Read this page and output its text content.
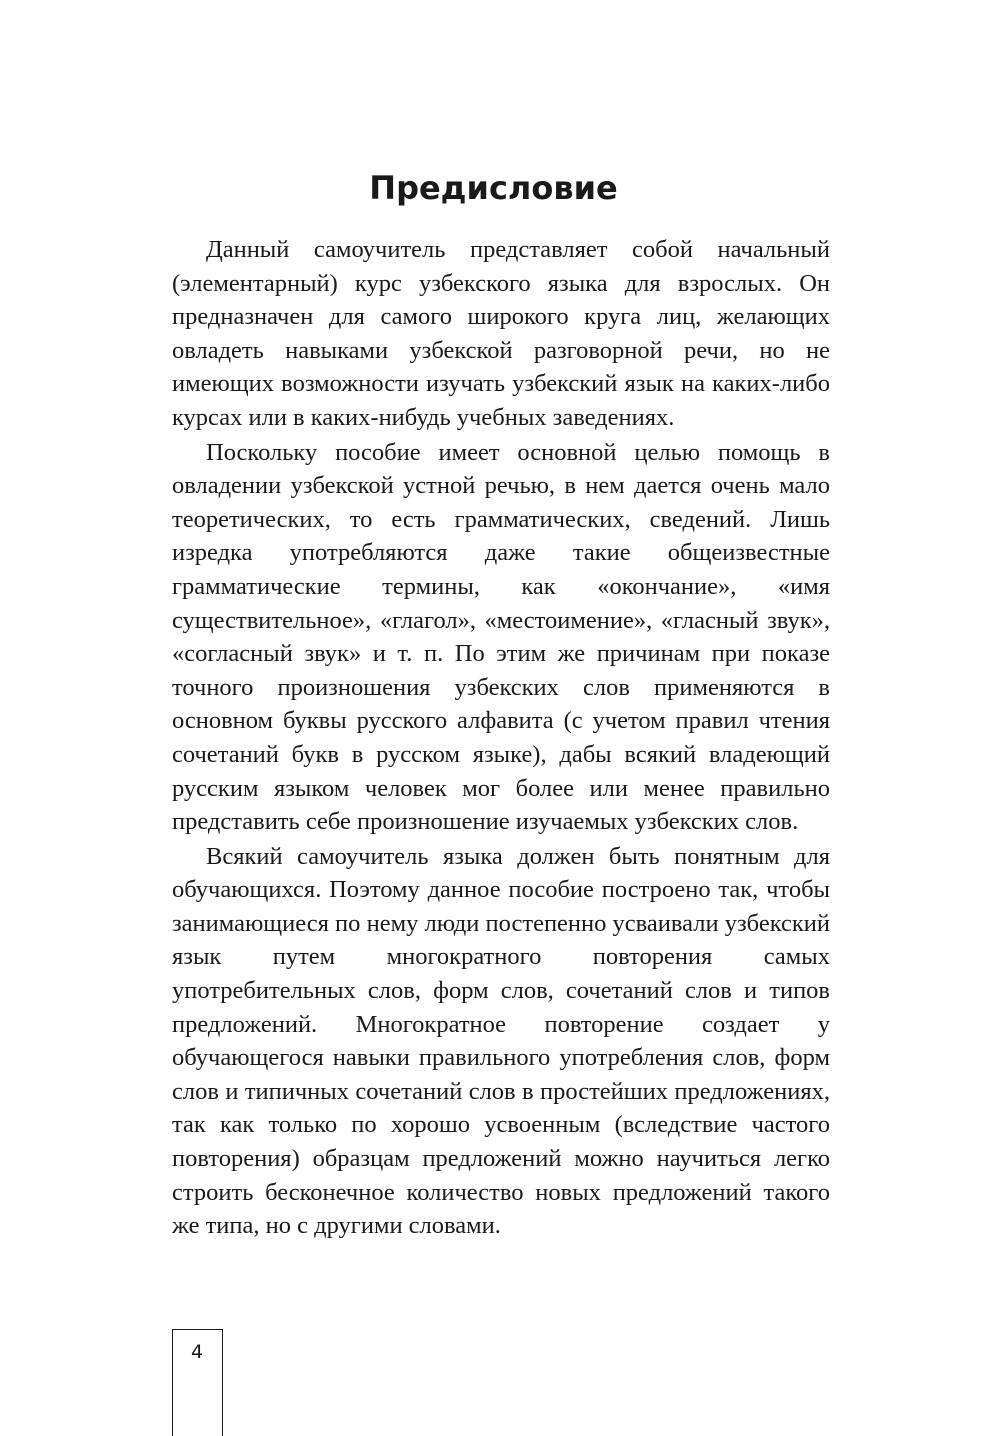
Предисловие

Данный самоучитель представляет собой начальный (элементарный) курс узбекского языка для взрослых. Он предназначен для самого широкого круга лиц, желающих овладеть навыками узбекской разговорной речи, но не имеющих возможности изучать узбекский язык на каких-либо курсах или в каких-нибудь учебных заведениях.

Поскольку пособие имеет основной целью помощь в овладении узбекской устной речью, в нем дается очень мало теоретических, то есть грамматических, сведений. Лишь изредка употребляются даже такие общеизвестные грамматические термины, как «окончание», «имя существительное», «глагол», «местоимение», «гласный звук», «согласный звук» и т. п. По этим же причинам при показе точного произношения узбекских слов применяются в основном буквы русского алфавита (с учетом правил чтения сочетаний букв в русском языке), дабы всякий владеющий русским языком человек мог более или менее правильно представить себе произношение изучаемых узбекских слов.

Всякий самоучитель языка должен быть понятным для обучающихся. Поэтому данное пособие построено так, чтобы занимающиеся по нему люди постепенно усваивали узбекский язык путем многократного повторения самых употребительных слов, форм слов, сочетаний слов и типов предложений. Многократное повторение создает у обучающегося навыки правильного употребления слов, форм слов и типичных сочетаний слов в простейших предложениях, так как только по хорошо усвоенным (вследствие частого повторения) образцам предложений можно научиться легко строить бесконечное количество новых предложений такого же типа, но с другими словами.

4
